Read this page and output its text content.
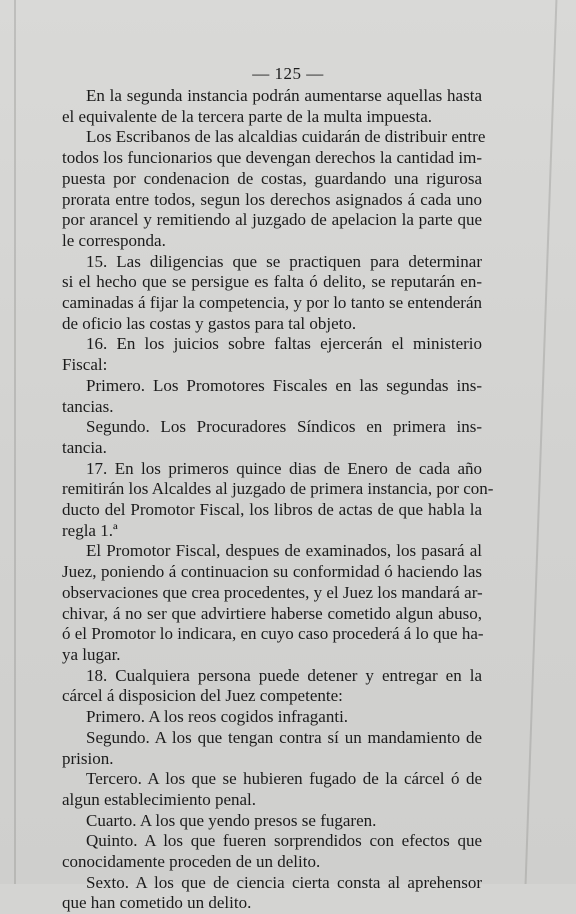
— 125 —
En la segunda instancia podrán aumentarse aquellas hasta
el equivalente de la tercera parte de la multa impuesta.
Los Escribanos de las alcaldias cuidarán de distribuir entre
todos los funcionarios que devengan derechos la cantidad im-
puesta por condenacion de costas, guardando una rigurosa
prorata entre todos, segun los derechos asignados á cada uno
por arancel y remitiendo al juzgado de apelacion la parte que
le corresponda.
15. Las diligencias que se practiquen para determinar
si el hecho que se persigue es falta ó delito, se reputarán en-
caminadas á fijar la competencia, y por lo tanto se entenderán
de oficio las costas y gastos para tal objeto.
16. En los juicios sobre faltas ejercerán el ministerio
Fiscal:
Primero. Los Promotores Fiscales en las segundas ins-
tancias.
Segundo. Los Procuradores Síndicos en primera ins-
tancia.
17. En los primeros quince dias de Enero de cada año
remitirán los Alcaldes al juzgado de primera instancia, por con-
ducto del Promotor Fiscal, los libros de actas de que habla la
regla 1.ª
El Promotor Fiscal, despues de examinados, los pasará al
Juez, poniendo á continuacion su conformidad ó haciendo las
observaciones que crea procedentes, y el Juez los mandará ar-
chivar, á no ser que advirtiere haberse cometido algun abuso,
ó el Promotor lo indicara, en cuyo caso procederá á lo que ha-
ya lugar.
18. Cualquiera persona puede detener y entregar en la
cárcel á disposicion del Juez competente:
Primero. A los reos cogidos infraganti.
Segundo. A los que tengan contra sí un mandamiento de
prision.
Tercero. A los que se hubieren fugado de la cárcel ó de
algun establecimiento penal.
Cuarto. A los que yendo presos se fugaren.
Quinto. A los que fueren sorprendidos con efectos que
conocidamente proceden de un delito.
Sexto. A los que de ciencia cierta consta al aprehensor
que han cometido un delito.
